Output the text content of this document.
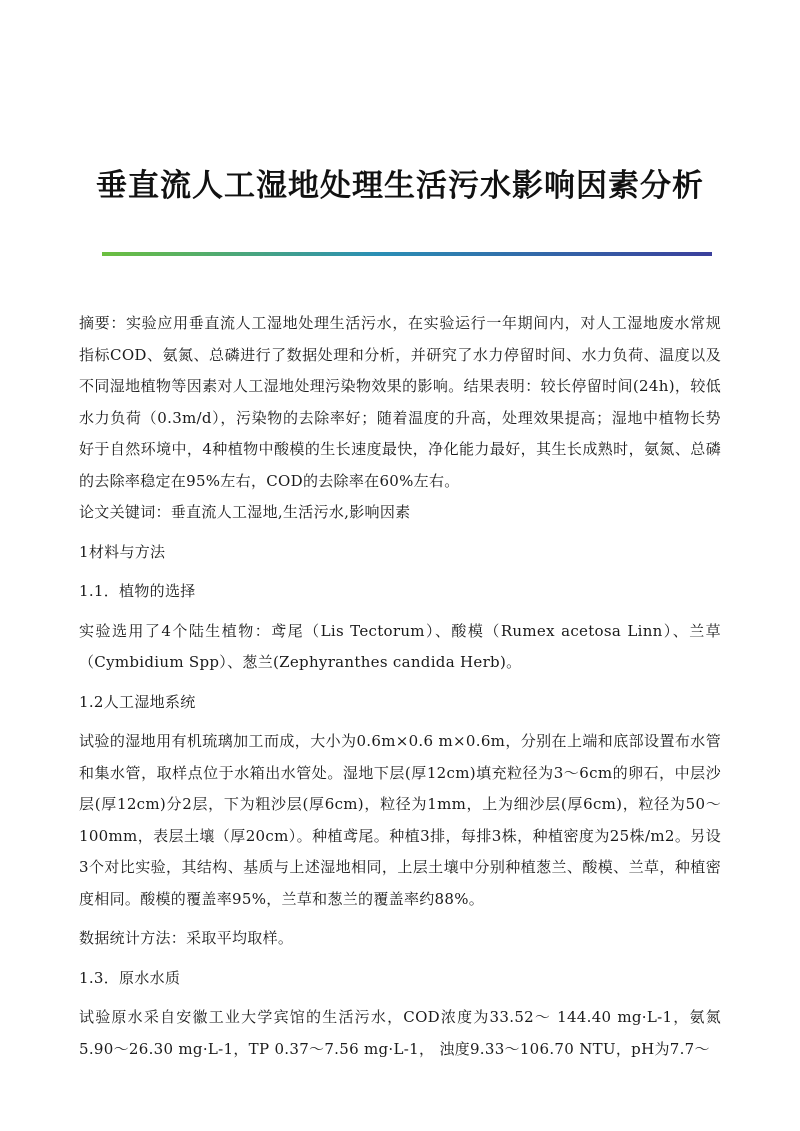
垂直流人工湿地处理生活污水影响因素分析

摘要：实验应用垂直流人工湿地处理生活污水，在实验运行一年期间内，对人工湿地废水常规指标COD、氨氮、总磷进行了数据处理和分析，并研究了水力停留时间、水力负荷、温度以及不同湿地植物等因素对人工湿地处理污染物效果的影响。结果表明：较长停留时间(24h)，较低水力负荷（0.3m/d），污染物的去除率好；随着温度的升高，处理效果提高；湿地中植物长势好于自然环境中，4种植物中酸模的生长速度最快，净化能力最好，其生长成熟时，氨氮、总磷的去除率稳定在95%左右，COD的去除率在60%左右。

论文关键词：垂直流人工湿地,生活污水,影响因素

1材料与方法

1.1．植物的选择

实验选用了4个陆生植物：鸢尾（Lis Tectorum）、酸模（Rumex acetosa Linn）、兰草（Cymbidium Spp）、葱兰(Zephyranthes candida Herb)。

1.2人工湿地系统

试验的湿地用有机琉璃加工而成，大小为0.6m×0.6 m×0.6m，分别在上端和底部设置布水管和集水管，取样点位于水箱出水管处。湿地下层(厚12cm)填充粒径为3～6cm的卵石，中层沙层(厚12cm)分2层，下为粗沙层(厚6cm)，粒径为1mm，上为细沙层(厚6cm)，粒径为50～100mm，表层土壤（厚20cm）。种植鸢尾。种植3排，每排3株，种植密度为25株/m2。另设3个对比实验，其结构、基质与上述湿地相同，上层土壤中分别种植葱兰、酸模、兰草，种植密度相同。酸模的覆盖率95%，兰草和葱兰的覆盖率约88%。

数据统计方法：采取平均取样。

1.3．原水水质

试验原水采自安徽工业大学宾馆的生活污水，COD浓度为33.52～ 144.40 mg·L-1，氨氮5.90～26.30 mg·L-1，TP 0.37～7.56 mg·L-1， 浊度9.33～106.70 NTU，pH为7.7～
